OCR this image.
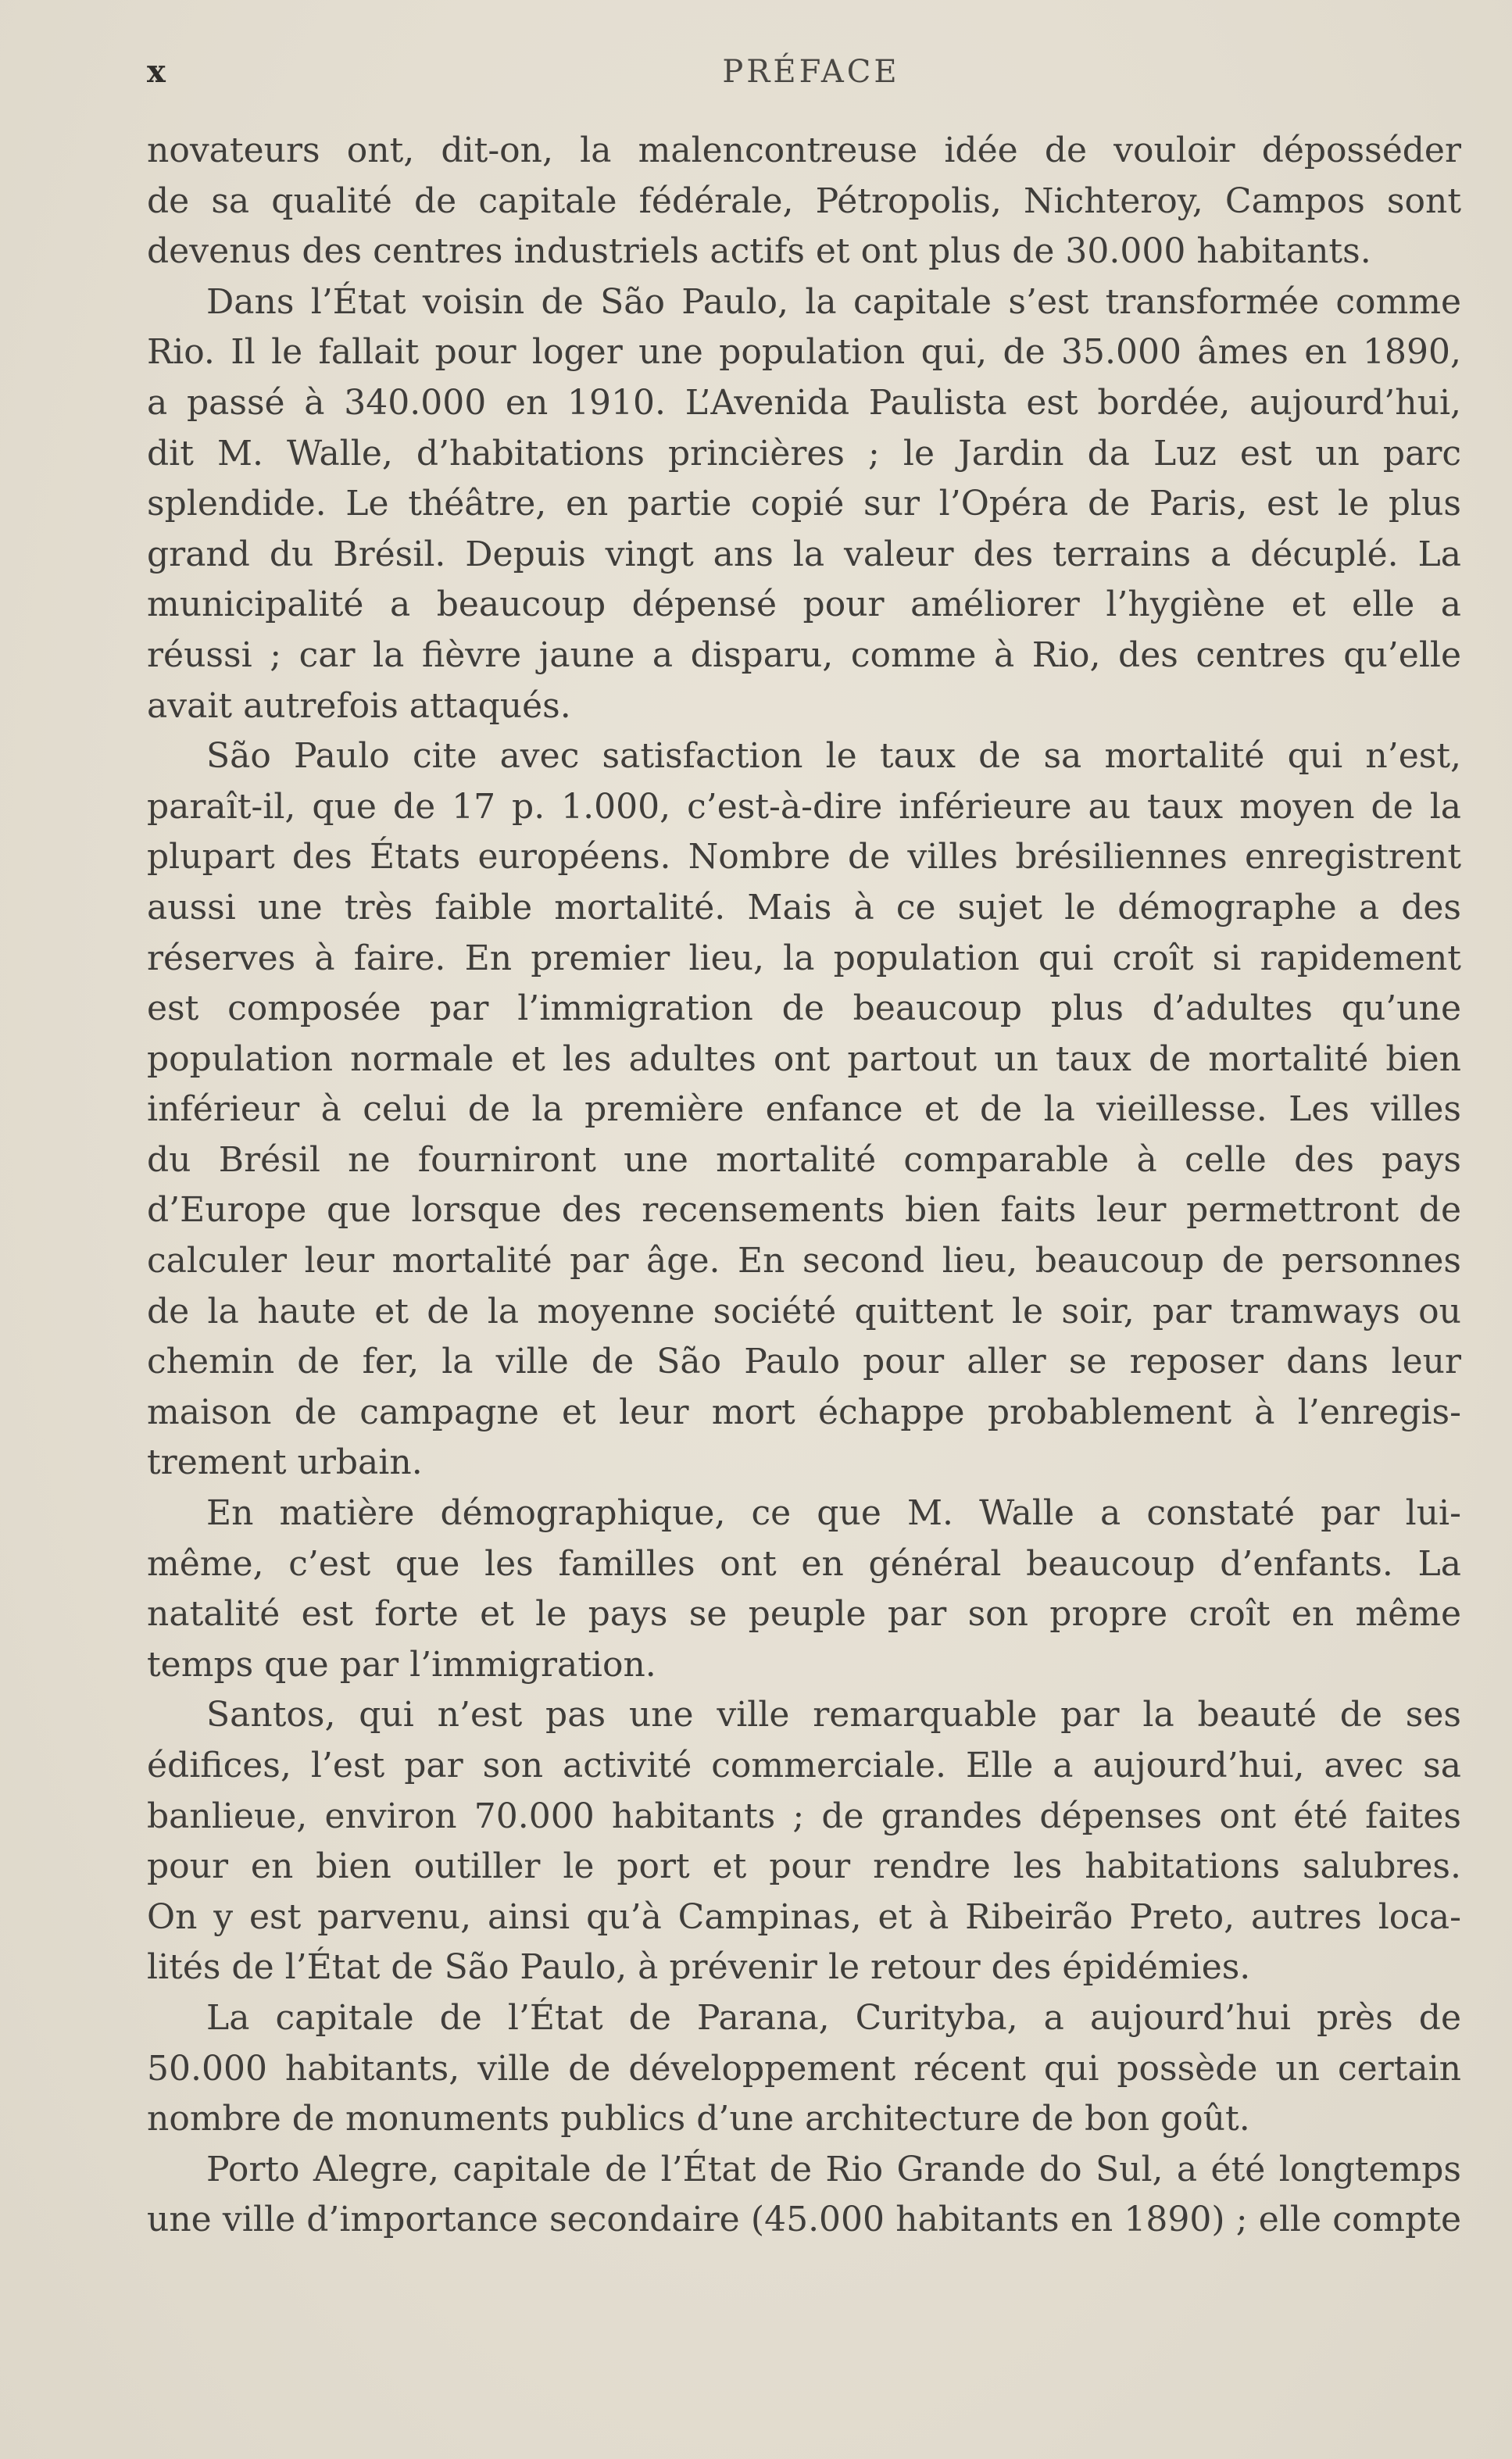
x	PRÉFACE
novateurs ont, dit-on, la malencontreuse idée de vouloir déposséder
de sa qualité de capitale fédérale, Pétropolis, Nichteroy, Campos sont
devenus des centres industriels actifs et ont plus de 30.000 habitants.
Dans l’État voisin de São Paulo, la capitale s’est transformée comme
Rio. Il le fallait pour loger une population qui, de 35.000 âmes en 1890,
a passé à 340.000 en 1910. L’Avenida Paulista est bordée, aujourd’hui,
dit M. Walle, d’habitations princières ; le Jardin da Luz est un parc
splendide. Le théâtre, en partie copié sur l’Opéra de Paris, est le plus
grand du Brésil. Depuis vingt ans la valeur des terrains a décuplé. La
municipalité a beaucoup dépensé pour améliorer l’hygiène et elle a
réussi ; car la fièvre jaune a disparu, comme à Rio, des centres qu’elle
avait autrefois attaqués.
São Paulo cite avec satisfaction le taux de sa mortalité qui n’est,
paraît-il, que de 17 p. 1.000, c’est-à-dire inférieure au taux moyen de la
plupart des États européens. Nombre de villes brésiliennes enregistrent
aussi une très faible mortalité. Mais à ce sujet le démographe a des
réserves à faire. En premier lieu, la population qui croît si rapidement
est composée par l’immigration de beaucoup plus d’adultes qu’une
population normale et les adultes ont partout un taux de mortalité bien
inférieur à celui de la première enfance et de la vieillesse. Les villes
du Brésil ne fourniront une mortalité comparable à celle des pays
d’Europe que lorsque des recensements bien faits leur permettront de
calculer leur mortalité par âge. En second lieu, beaucoup de personnes
de la haute et de la moyenne société quittent le soir, par tramways ou
chemin de fer, la ville de São Paulo pour aller se reposer dans leur
maison de campagne et leur mort échappe probablement à l’enregis-
trement urbain.
En matière démographique, ce que M. Walle a constaté par lui-
même, c’est que les familles ont en général beaucoup d’enfants. La
natalité est forte et le pays se peuple par son propre croît en même
temps que par l’immigration.
Santos, qui n’est pas une ville remarquable par la beauté de ses
édifices, l’est par son activité commerciale. Elle a aujourd’hui, avec sa
banlieue, environ 70.000 habitants ; de grandes dépenses ont été faites
pour en bien outiller le port et pour rendre les habitations salubres.
On y est parvenu, ainsi qu’à Campinas, et à Ribeirão Preto, autres loca-
lités de l’État de São Paulo, à prévenir le retour des épidémies.
La capitale de l’État de Parana, Curityba, a aujourd’hui près de
50.000 habitants, ville de développement récent qui possède un certain
nombre de monuments publics d’une architecture de bon goût.
Porto Alegre, capitale de l’État de Rio Grande do Sul, a été longtemps
une ville d’importance secondaire (45.000 habitants en 1890) ; elle compte
